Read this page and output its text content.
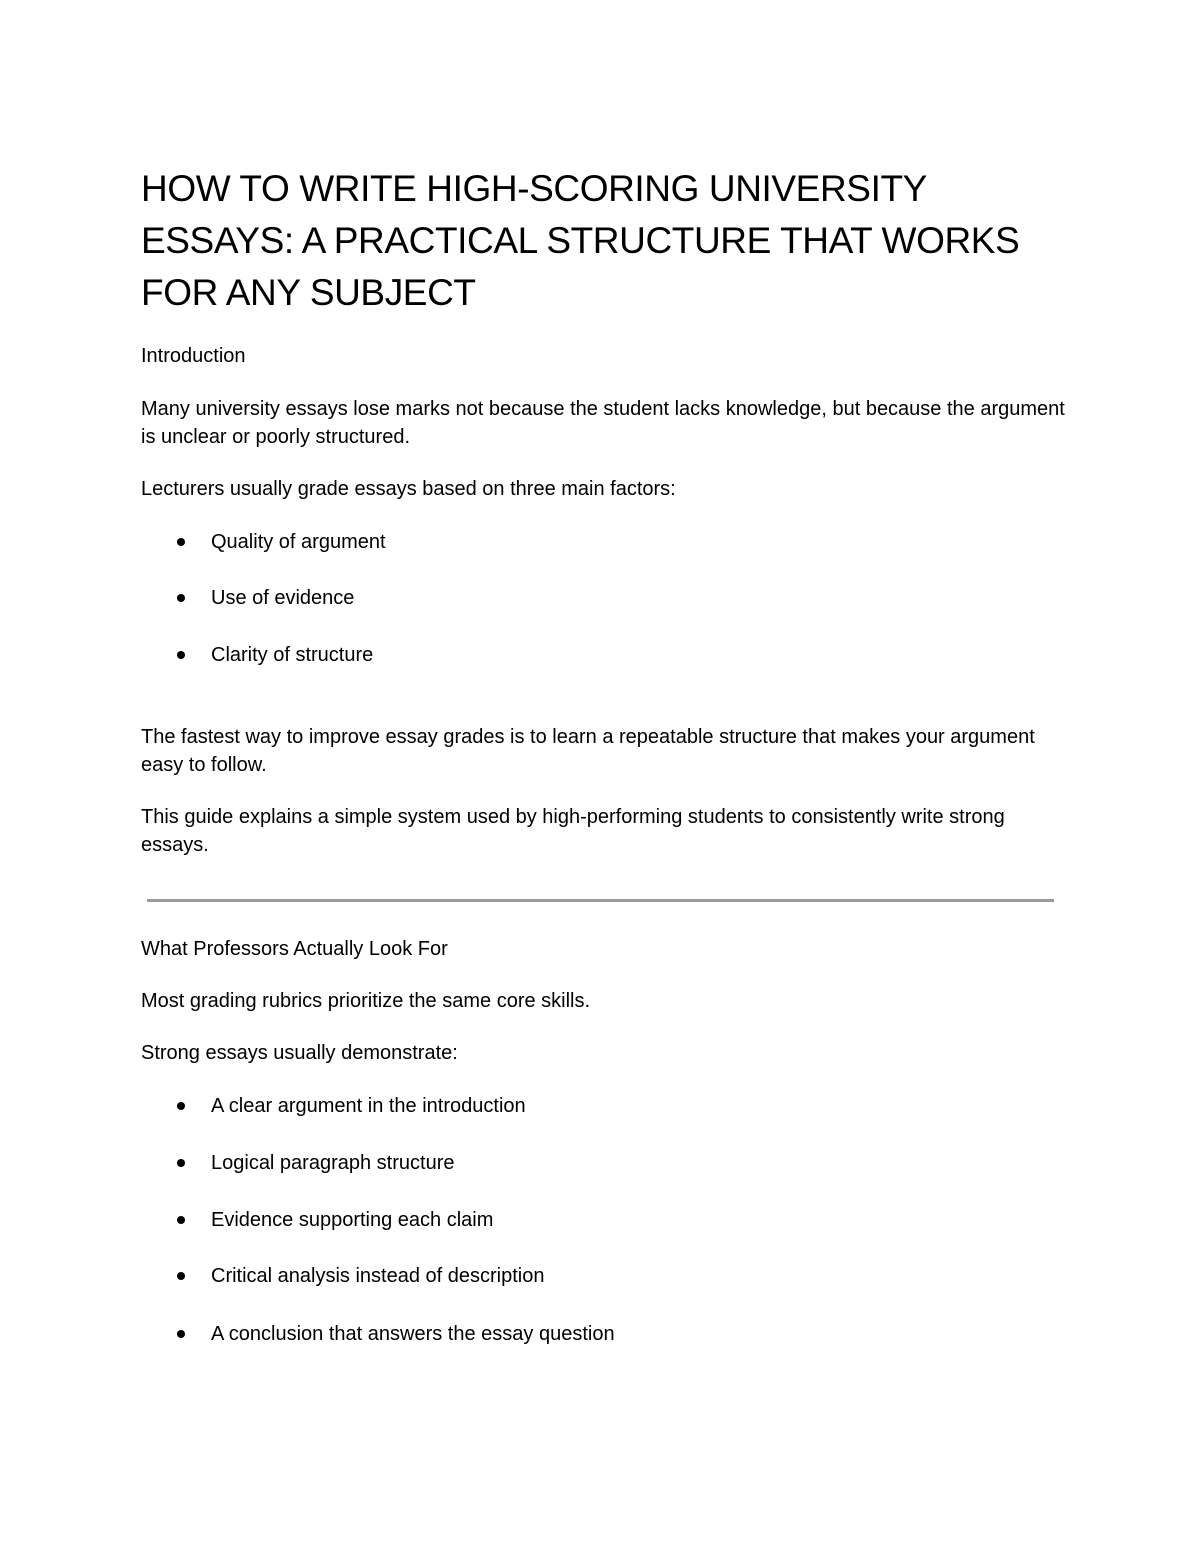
HOW TO WRITE HIGH-SCORING UNIVERSITY ESSAYS: A PRACTICAL STRUCTURE THAT WORKS FOR ANY SUBJECT

Introduction

Many university essays lose marks not because the student lacks knowledge, but because the argument is unclear or poorly structured.

Lecturers usually grade essays based on three main factors:

Quality of argument
Use of evidence
Clarity of structure

The fastest way to improve essay grades is to learn a repeatable structure that makes your argument easy to follow.

This guide explains a simple system used by high-performing students to consistently write strong essays.

What Professors Actually Look For

Most grading rubrics prioritize the same core skills.

Strong essays usually demonstrate:

A clear argument in the introduction
Logical paragraph structure
Evidence supporting each claim
Critical analysis instead of description
A conclusion that answers the essay question
